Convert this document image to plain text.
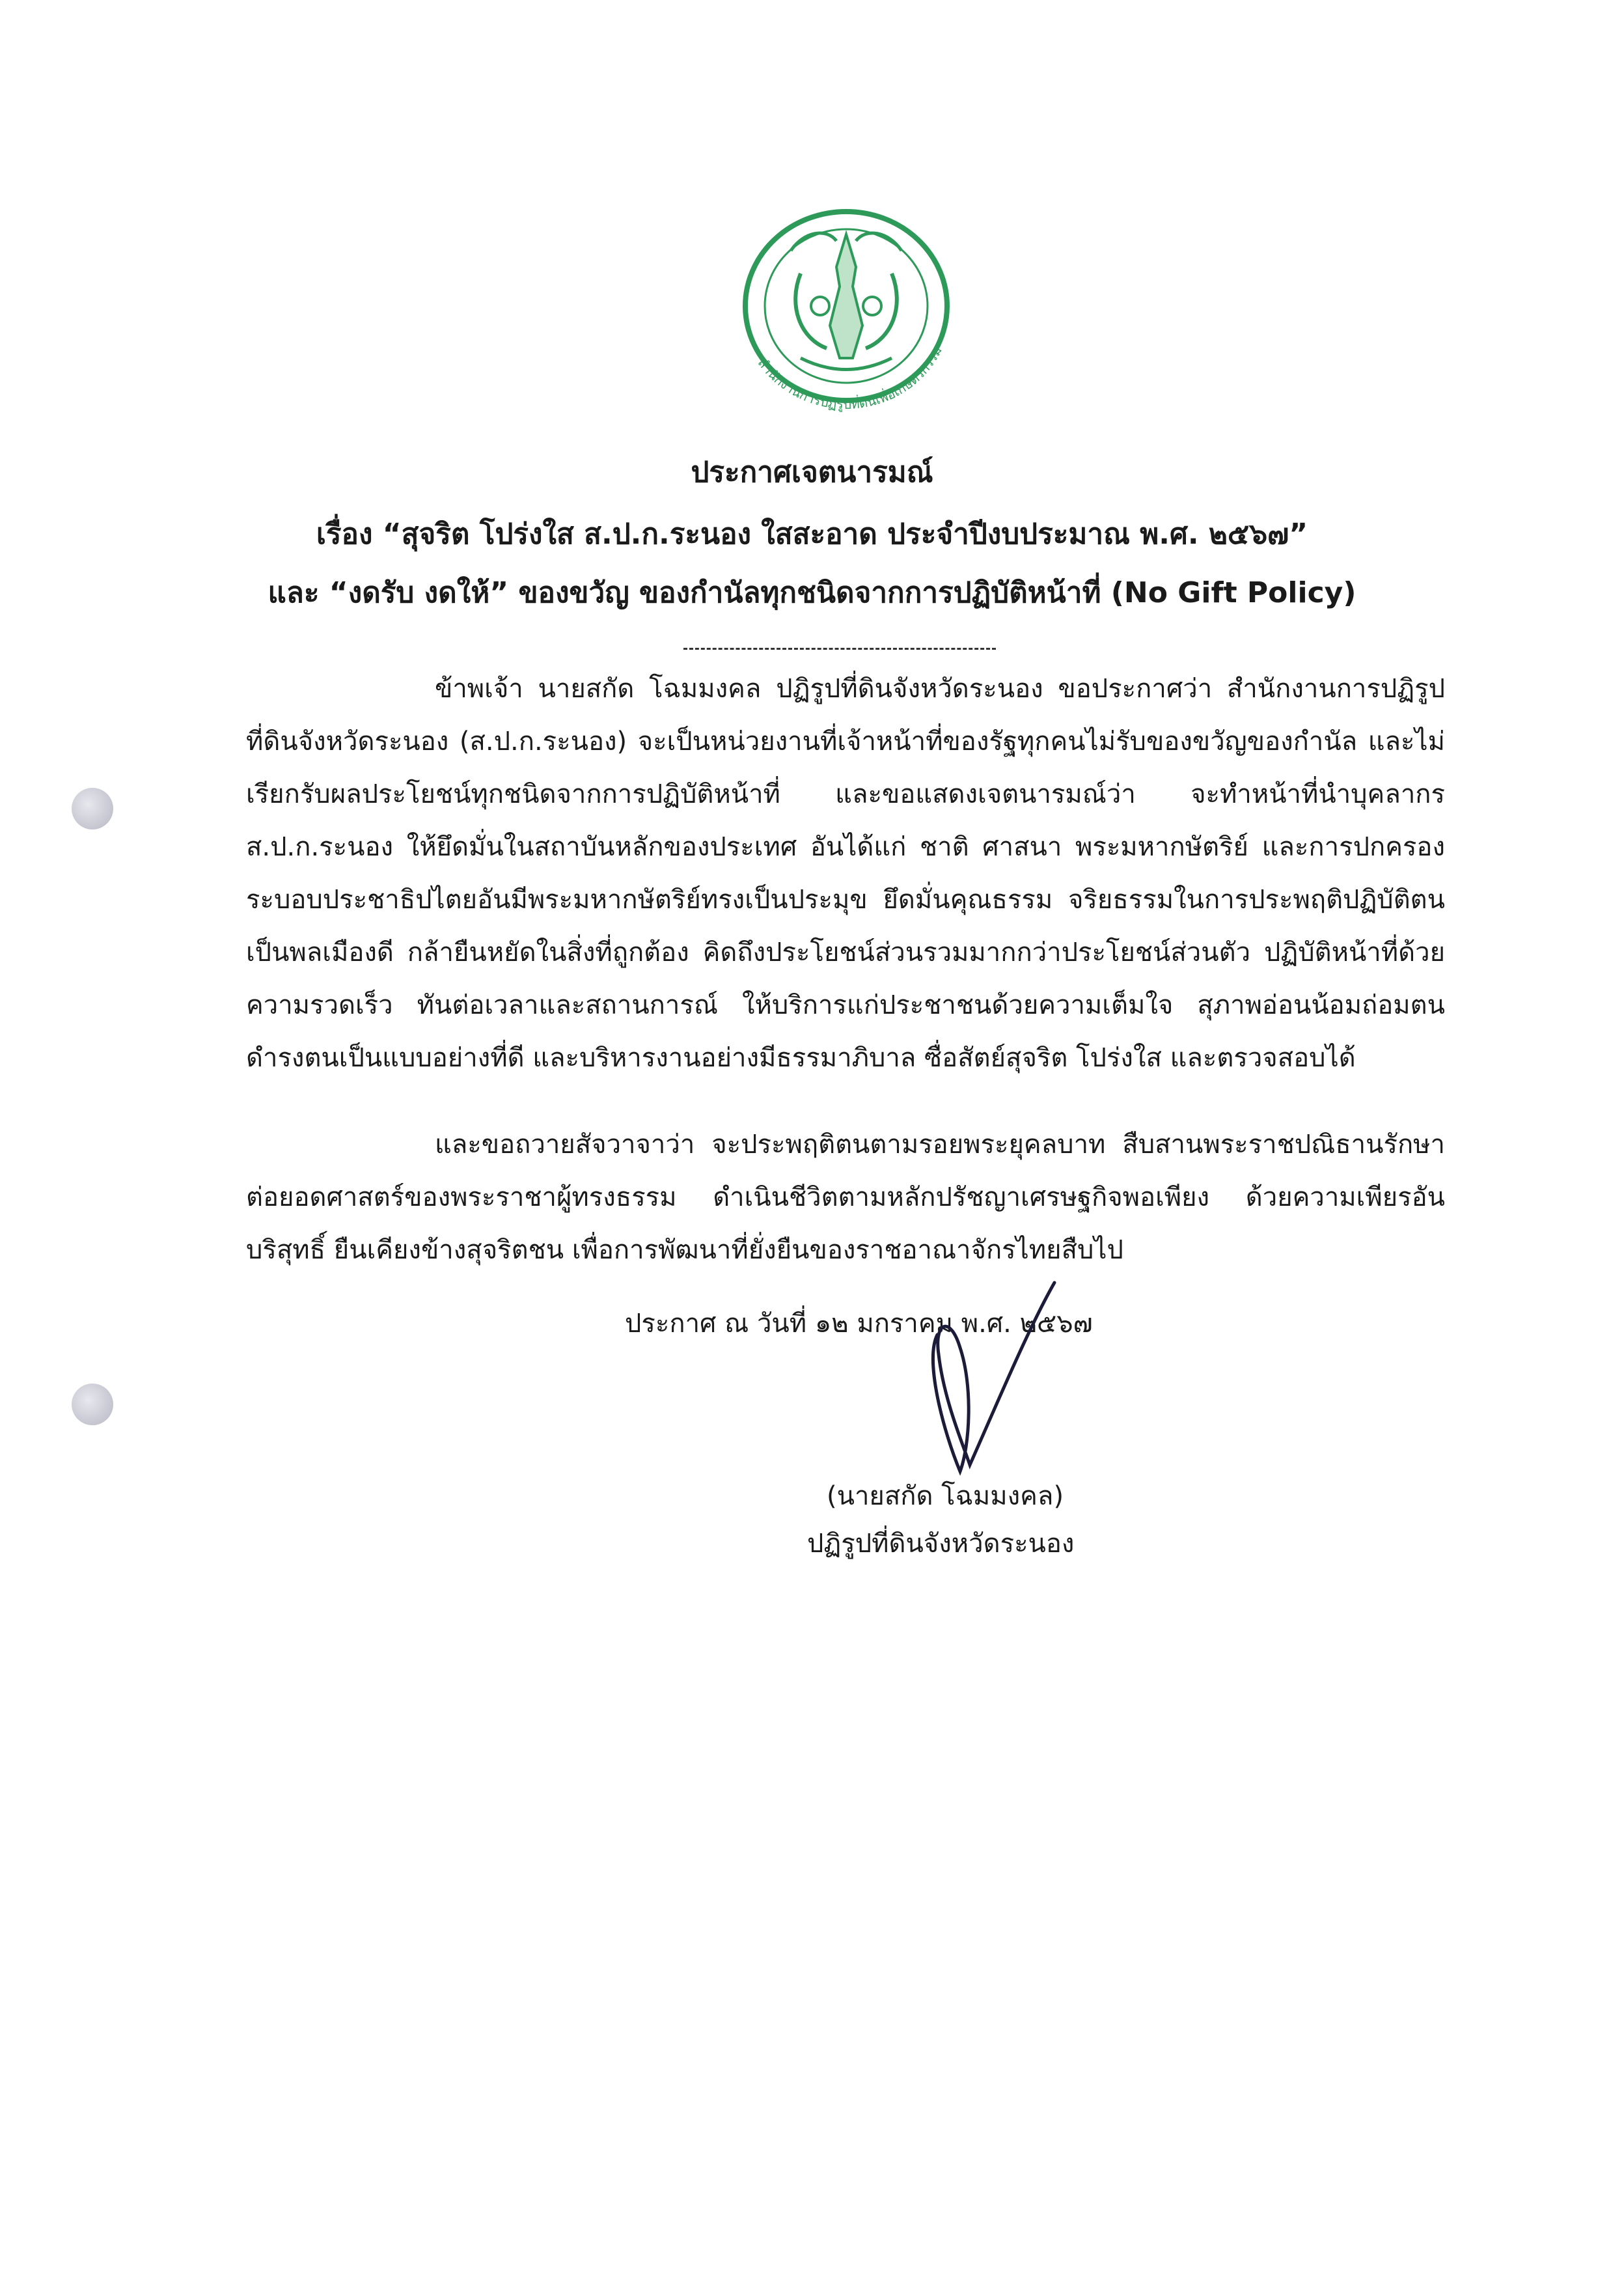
สำนักงานการปฏิรูปที่ดินเพื่อเกษตรกรรม
ประกาศเจตนารมณ์
เรื่อง “สุจริต โปร่งใส ส.ป.ก.ระนอง ใสสะอาด ประจำปีงบประมาณ พ.ศ. ๒๕๖๗”
และ “งดรับ งดให้” ของขวัญ ของกำนัลทุกชนิดจากการปฏิบัติหน้าที่ (No Gift Policy)

ข้าพเจ้า นายสกัด โฉมมงคล ปฏิรูปที่ดินจังหวัดระนอง ขอประกาศว่า สำนักงานการปฏิรูปที่ดินจังหวัดระนอง (ส.ป.ก.ระนอง) จะเป็นหน่วยงานที่เจ้าหน้าที่ของรัฐทุกคนไม่รับของขวัญของกำนัล และไม่เรียกรับผลประโยชน์ทุกชนิดจากการปฏิบัติหน้าที่ และขอแสดงเจตนารมณ์ว่า จะทำหน้าที่นำบุคลากร ส.ป.ก.ระนอง ให้ยึดมั่นในสถาบันหลักของประเทศ อันได้แก่ ชาติ ศาสนา พระมหากษัตริย์ และการปกครองระบอบประชาธิปไตยอันมีพระมหากษัตริย์ทรงเป็นประมุข ยึดมั่นคุณธรรม จริยธรรมในการประพฤติปฏิบัติตนเป็นพลเมืองดี กล้ายืนหยัดในสิ่งที่ถูกต้อง คิดถึงประโยชน์ส่วนรวมมากกว่าประโยชน์ส่วนตัว ปฏิบัติหน้าที่ด้วยความรวดเร็ว ทันต่อเวลาและสถานการณ์ ให้บริการแก่ประชาชนด้วยความเต็มใจ สุภาพอ่อนน้อมถ่อมตน ดำรงตนเป็นแบบอย่างที่ดี และบริหารงานอย่างมีธรรมาภิบาล ซื่อสัตย์สุจริต โปร่งใส และตรวจสอบได้

และขอถวายสัจวาจาว่า จะประพฤติตนตามรอยพระยุคลบาท สืบสานพระราชปณิธานรักษาต่อยอดศาสตร์ของพระราชาผู้ทรงธรรม ดำเนินชีวิตตามหลักปรัชญาเศรษฐกิจพอเพียง ด้วยความเพียรอันบริสุทธิ์ ยืนเคียงข้างสุจริตชน เพื่อการพัฒนาที่ยั่งยืนของราชอาณาจักรไทยสืบไป

ประกาศ ณ วันที่ ๑๒ มกราคม พ.ศ. ๒๕๖๗
(นายสกัด โฉมมงคล)
ปฏิรูปที่ดินจังหวัดระนอง
